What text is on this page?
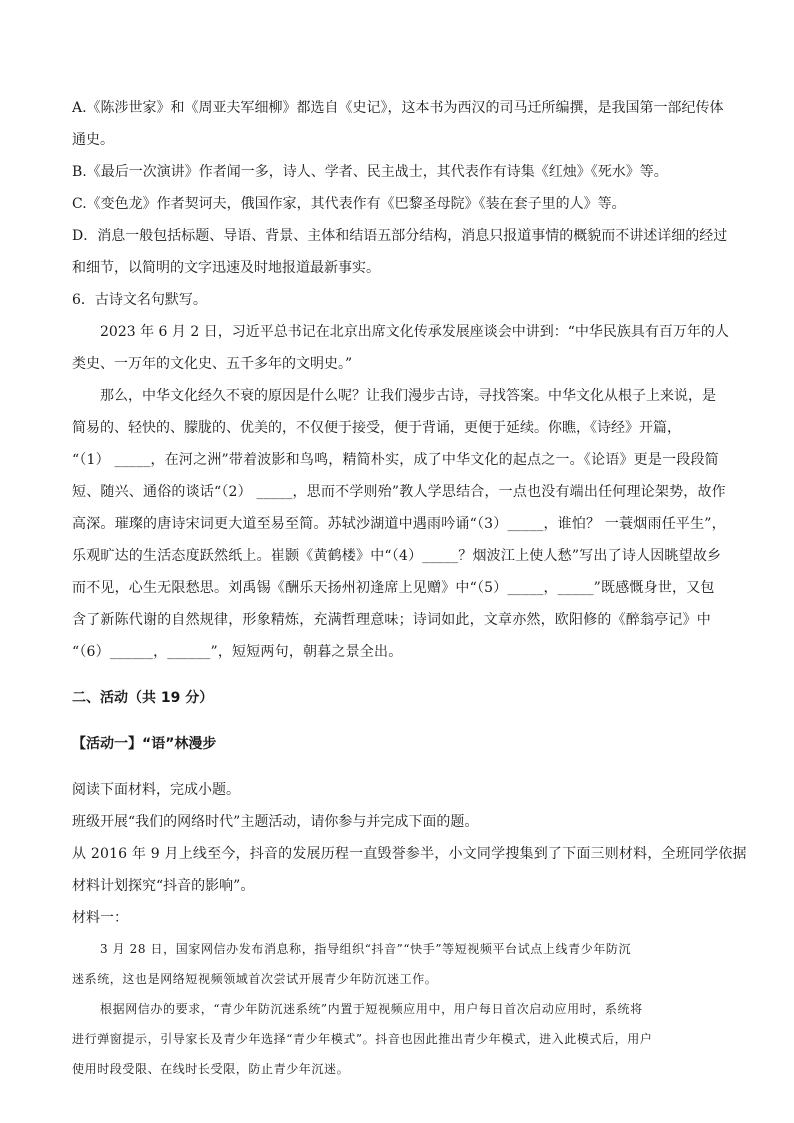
A.《陈涉世家》和《周亚夫军细柳》都选自《史记》，这本书为西汉的司马迁所编撰，是我国第一部纪传体

通史。

B.《最后一次演讲》作者闻一多，诗人、学者、民主战士，其代表作有诗集《红烛》《死水》等。

C.《变色龙》作者契诃夫，俄国作家，其代表作有《巴黎圣母院》《装在套子里的人》等。

D．消息一般包括标题、导语、背景、主体和结语五部分结构，消息只报道事情的概貌而不讲述详细的经过

和细节，以简明的文字迅速及时地报道最新事实。

6．古诗文名句默写。

2023 年 6 月 2 日，习近平总书记在北京出席文化传承发展座谈会中讲到：“中华民族具有百万年的人

类史、一万年的文化史、五千多年的文明史。”

那么，中华文化经久不衰的原因是什么呢？让我们漫步古诗，寻找答案。中华文化从根子上来说，是

简易的、轻快的、朦胧的、优美的，不仅便于接受，便于背诵，更便于延续。你瞧，《诗经》开篇，

“（1） _____，在河之洲”带着波影和鸟鸣，精简朴实，成了中华文化的起点之一。《论语》更是一段段简

短、随兴、通俗的谈话“（2） _____，思而不学则殆”教人学思结合，一点也没有端出任何理论架势，故作

高深。璀璨的唐诗宋词更大道至易至简。苏轼沙湖道中遇雨吟诵“（3）_____，谁怕？ 一蓑烟雨任平生”，

乐观旷达的生活态度跃然纸上。崔颢《黄鹤楼》中“（4）_____？烟波江上使人愁”写出了诗人因眺望故乡

而不见，心生无限愁思。刘禹锡《酬乐天扬州初逢席上见赠》中“（5）_____，_____”既感慨身世，又包

含了新陈代谢的自然规律，形象精炼，充满哲理意味；诗词如此，文章亦然，欧阳修的《醉翁亭记》中

“（6）______，______”，短短两句，朝暮之景全出。

二、活动（共 19 分）

【活动一】“语”林漫步

阅读下面材料，完成小题。

班级开展“我们的网络时代”主题活动，请你参与并完成下面的题。

从 2016 年 9 月上线至今，抖音的发展历程一直毁誉参半，小文同学搜集到了下面三则材料，全班同学依据

材料计划探究“抖音的影响”。

材料一：

3 月 28 日，国家网信办发布消息称，指导组织“抖音”“快手”等短视频平台试点上线青少年防沉

迷系统，这也是网络短视频领域首次尝试开展青少年防沉迷工作。

根据网信办的要求，“青少年防沉迷系统”内置于短视频应用中，用户每日首次启动应用时，系统将

进行弹窗提示，引导家长及青少年选择“青少年模式”。抖音也因此推出青少年模式，进入此模式后，用户

使用时段受限、在线时长受限，防止青少年沉迷。
